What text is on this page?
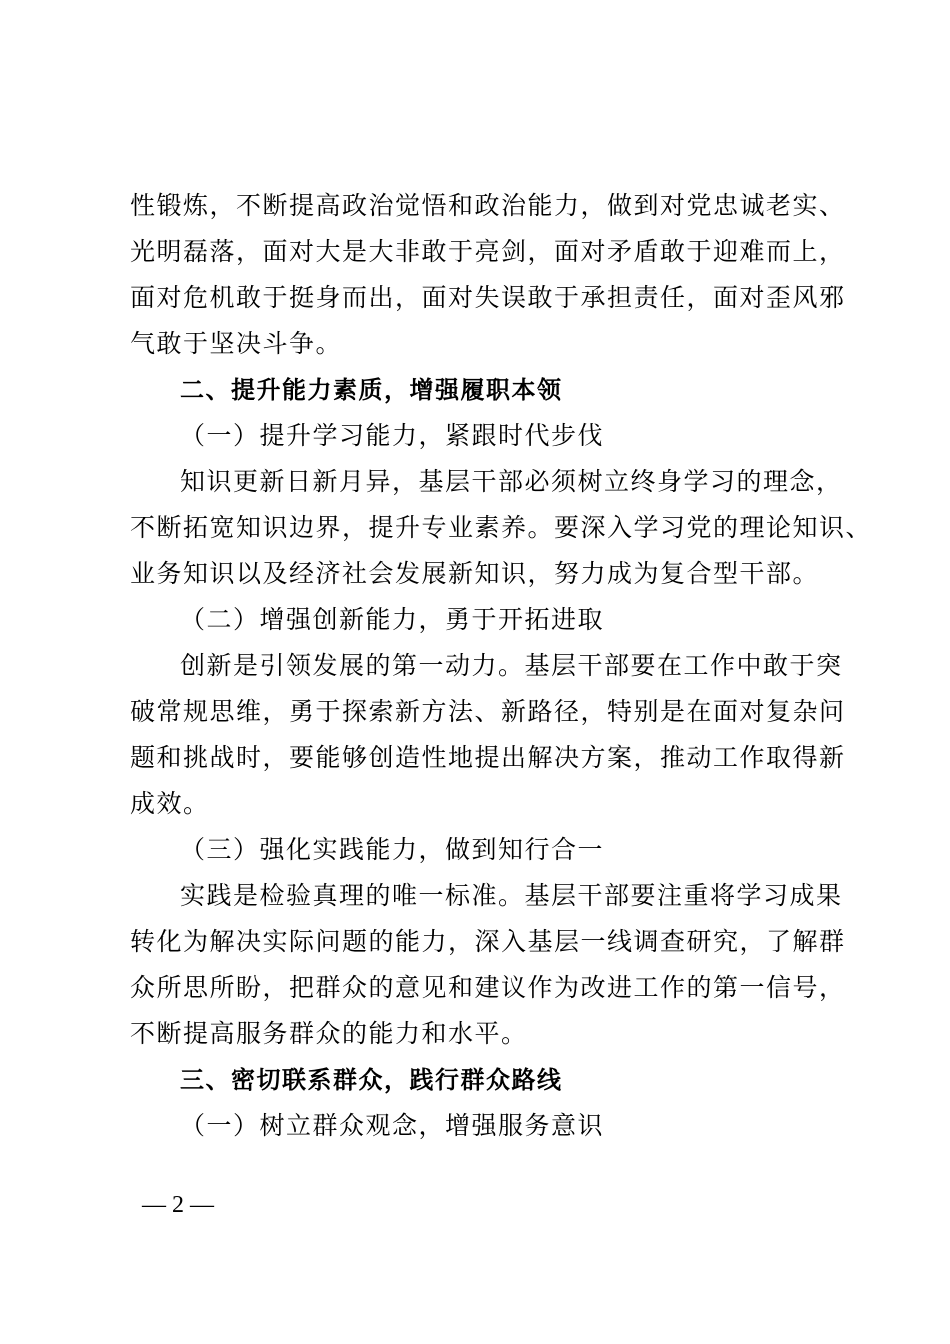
性锻炼，不断提高政治觉悟和政治能力，做到对党忠诚老实、
光明磊落，面对大是大非敢于亮剑，面对矛盾敢于迎难而上，
面对危机敢于挺身而出，面对失误敢于承担责任，面对歪风邪
气敢于坚决斗争。
二、提升能力素质，增强履职本领
（一）提升学习能力，紧跟时代步伐
知识更新日新月异，基层干部必须树立终身学习的理念，
不断拓宽知识边界，提升专业素养。要深入学习党的理论知识、
业务知识以及经济社会发展新知识，努力成为复合型干部。
（二）增强创新能力，勇于开拓进取
创新是引领发展的第一动力。基层干部要在工作中敢于突
破常规思维，勇于探索新方法、新路径，特别是在面对复杂问
题和挑战时，要能够创造性地提出解决方案，推动工作取得新
成效。
（三）强化实践能力，做到知行合一
实践是检验真理的唯一标准。基层干部要注重将学习成果
转化为解决实际问题的能力，深入基层一线调查研究，了解群
众所思所盼，把群众的意见和建议作为改进工作的第一信号，
不断提高服务群众的能力和水平。
三、密切联系群众，践行群众路线
（一）树立群众观念，增强服务意识
— 2 —
